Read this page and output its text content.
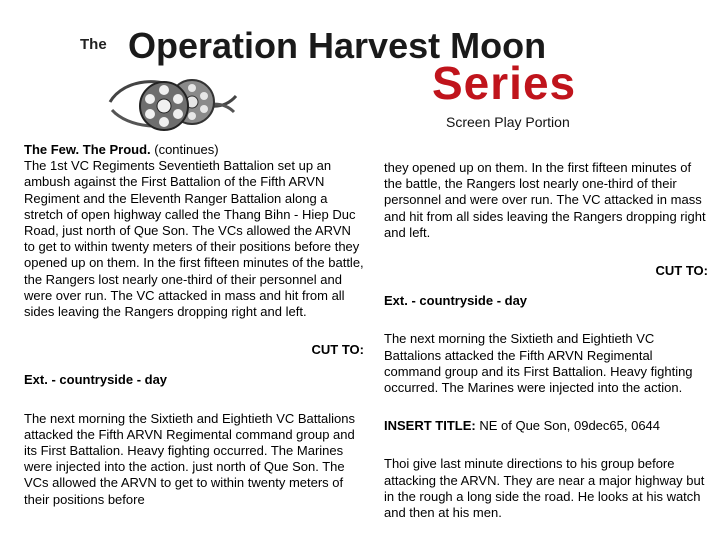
The Operation Harvest Moon
Series
Screen Play Portion

The Few. The Proud. (continues)

The 1st VC Regiments Seventieth Battalion set up an ambush against the First Battalion of the Fifth ARVN Regiment and the Eleventh Ranger Battalion along a stretch of open highway called the Thang Bihn - Hiep Duc Road, just north of Que Son. The VCs allowed the ARVN to get to within twenty meters of their positions before they opened up on them. In the first fifteen minutes of the battle, the Rangers lost nearly one-third of their personnel and were over run. The VC attacked in mass and hit from all sides leaving the Rangers dropping right and left.

CUT TO:

Ext. - countryside - day

The next morning the Sixtieth and Eightieth VC Battalions attacked the Fifth ARVN Regimental command group and its First Battalion. Heavy fighting occurred. The Marines were injected into the action. just north of Que Son. The VCs allowed the ARVN to get to within twenty meters of their positions before

they opened up on them. In the first fifteen minutes of the battle, the Rangers lost nearly one-third of their personnel and were over run. The VC attacked in mass and hit from all sides leaving the Rangers dropping right and left.

CUT TO:

Ext. - countryside - day

The next morning the Sixtieth and Eightieth VC Battalions attacked the Fifth ARVN Regimental command group and its First Battalion. Heavy fighting occurred. The Marines were injected into the action.

INSERT TITLE: NE of Que Son, 09dec65, 0644

Thoi give last minute directions to his group before attacking the ARVN. They are near a major highway but in the rough a long side the road. He looks at his watch and then at his men.
